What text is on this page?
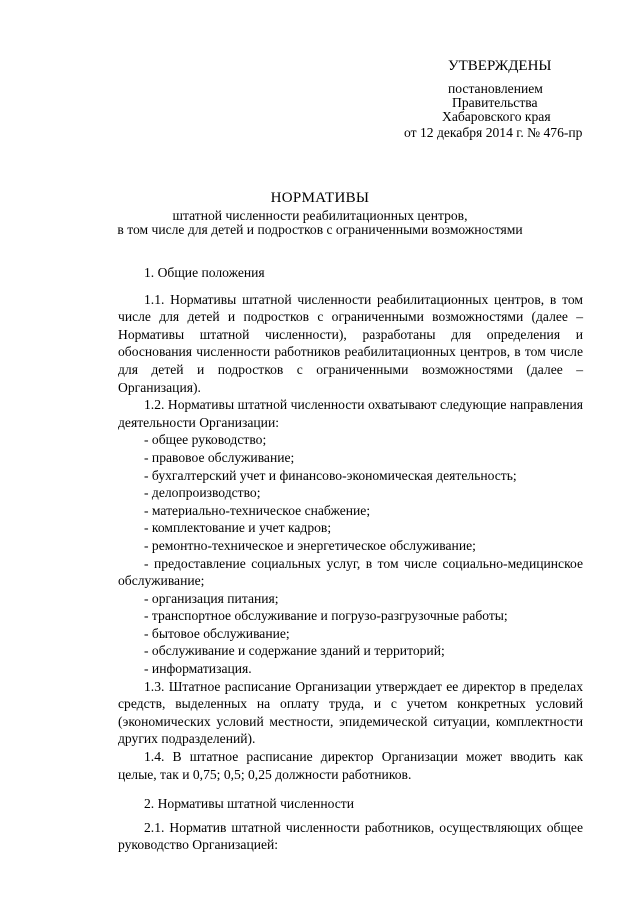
УТВЕРЖДЕНЫ
постановлением
Правительства
Хабаровского края
от 12 декабря 2014 г. № 476-пр
НОРМАТИВЫ
штатной численности реабилитационных центров,
в том числе для детей и подростков с ограниченными возможностями

1. Общие положения

1.1. Нормативы штатной численности реабилитационных центров, в том числе для детей и подростков с ограниченными возможностями (далее – Нормативы штатной численности), разработаны для определения и обоснования численности работников реабилитационных центров, в том числе для детей и подростков с ограниченными возможностями (далее – Организация).

1.2. Нормативы штатной численности охватывают следующие направления деятельности Организации:

- общее руководство;

- правовое обслуживание;

- бухгалтерский учет и финансово-экономическая деятельность;

- делопроизводство;

- материально-техническое снабжение;

- комплектование и учет кадров;

- ремонтно-техническое и энергетическое обслуживание;

- предоставление социальных услуг, в том числе социально-медицинское обслуживание;

- организация питания;

- транспортное обслуживание и погрузо-разгрузочные работы;

- бытовое обслуживание;

- обслуживание и содержание зданий и территорий;

- информатизация.

1.3. Штатное расписание Организации утверждает ее директор в пределах средств, выделенных на оплату труда, и с учетом конкретных условий (экономических условий местности, эпидемической ситуации, комплектности других подразделений).

1.4. В штатное расписание директор Организации может вводить как целые, так и 0,75; 0,5; 0,25 должности работников.

2. Нормативы штатной численности

2.1. Норматив штатной численности работников, осуществляющих общее руководство Организацией:
